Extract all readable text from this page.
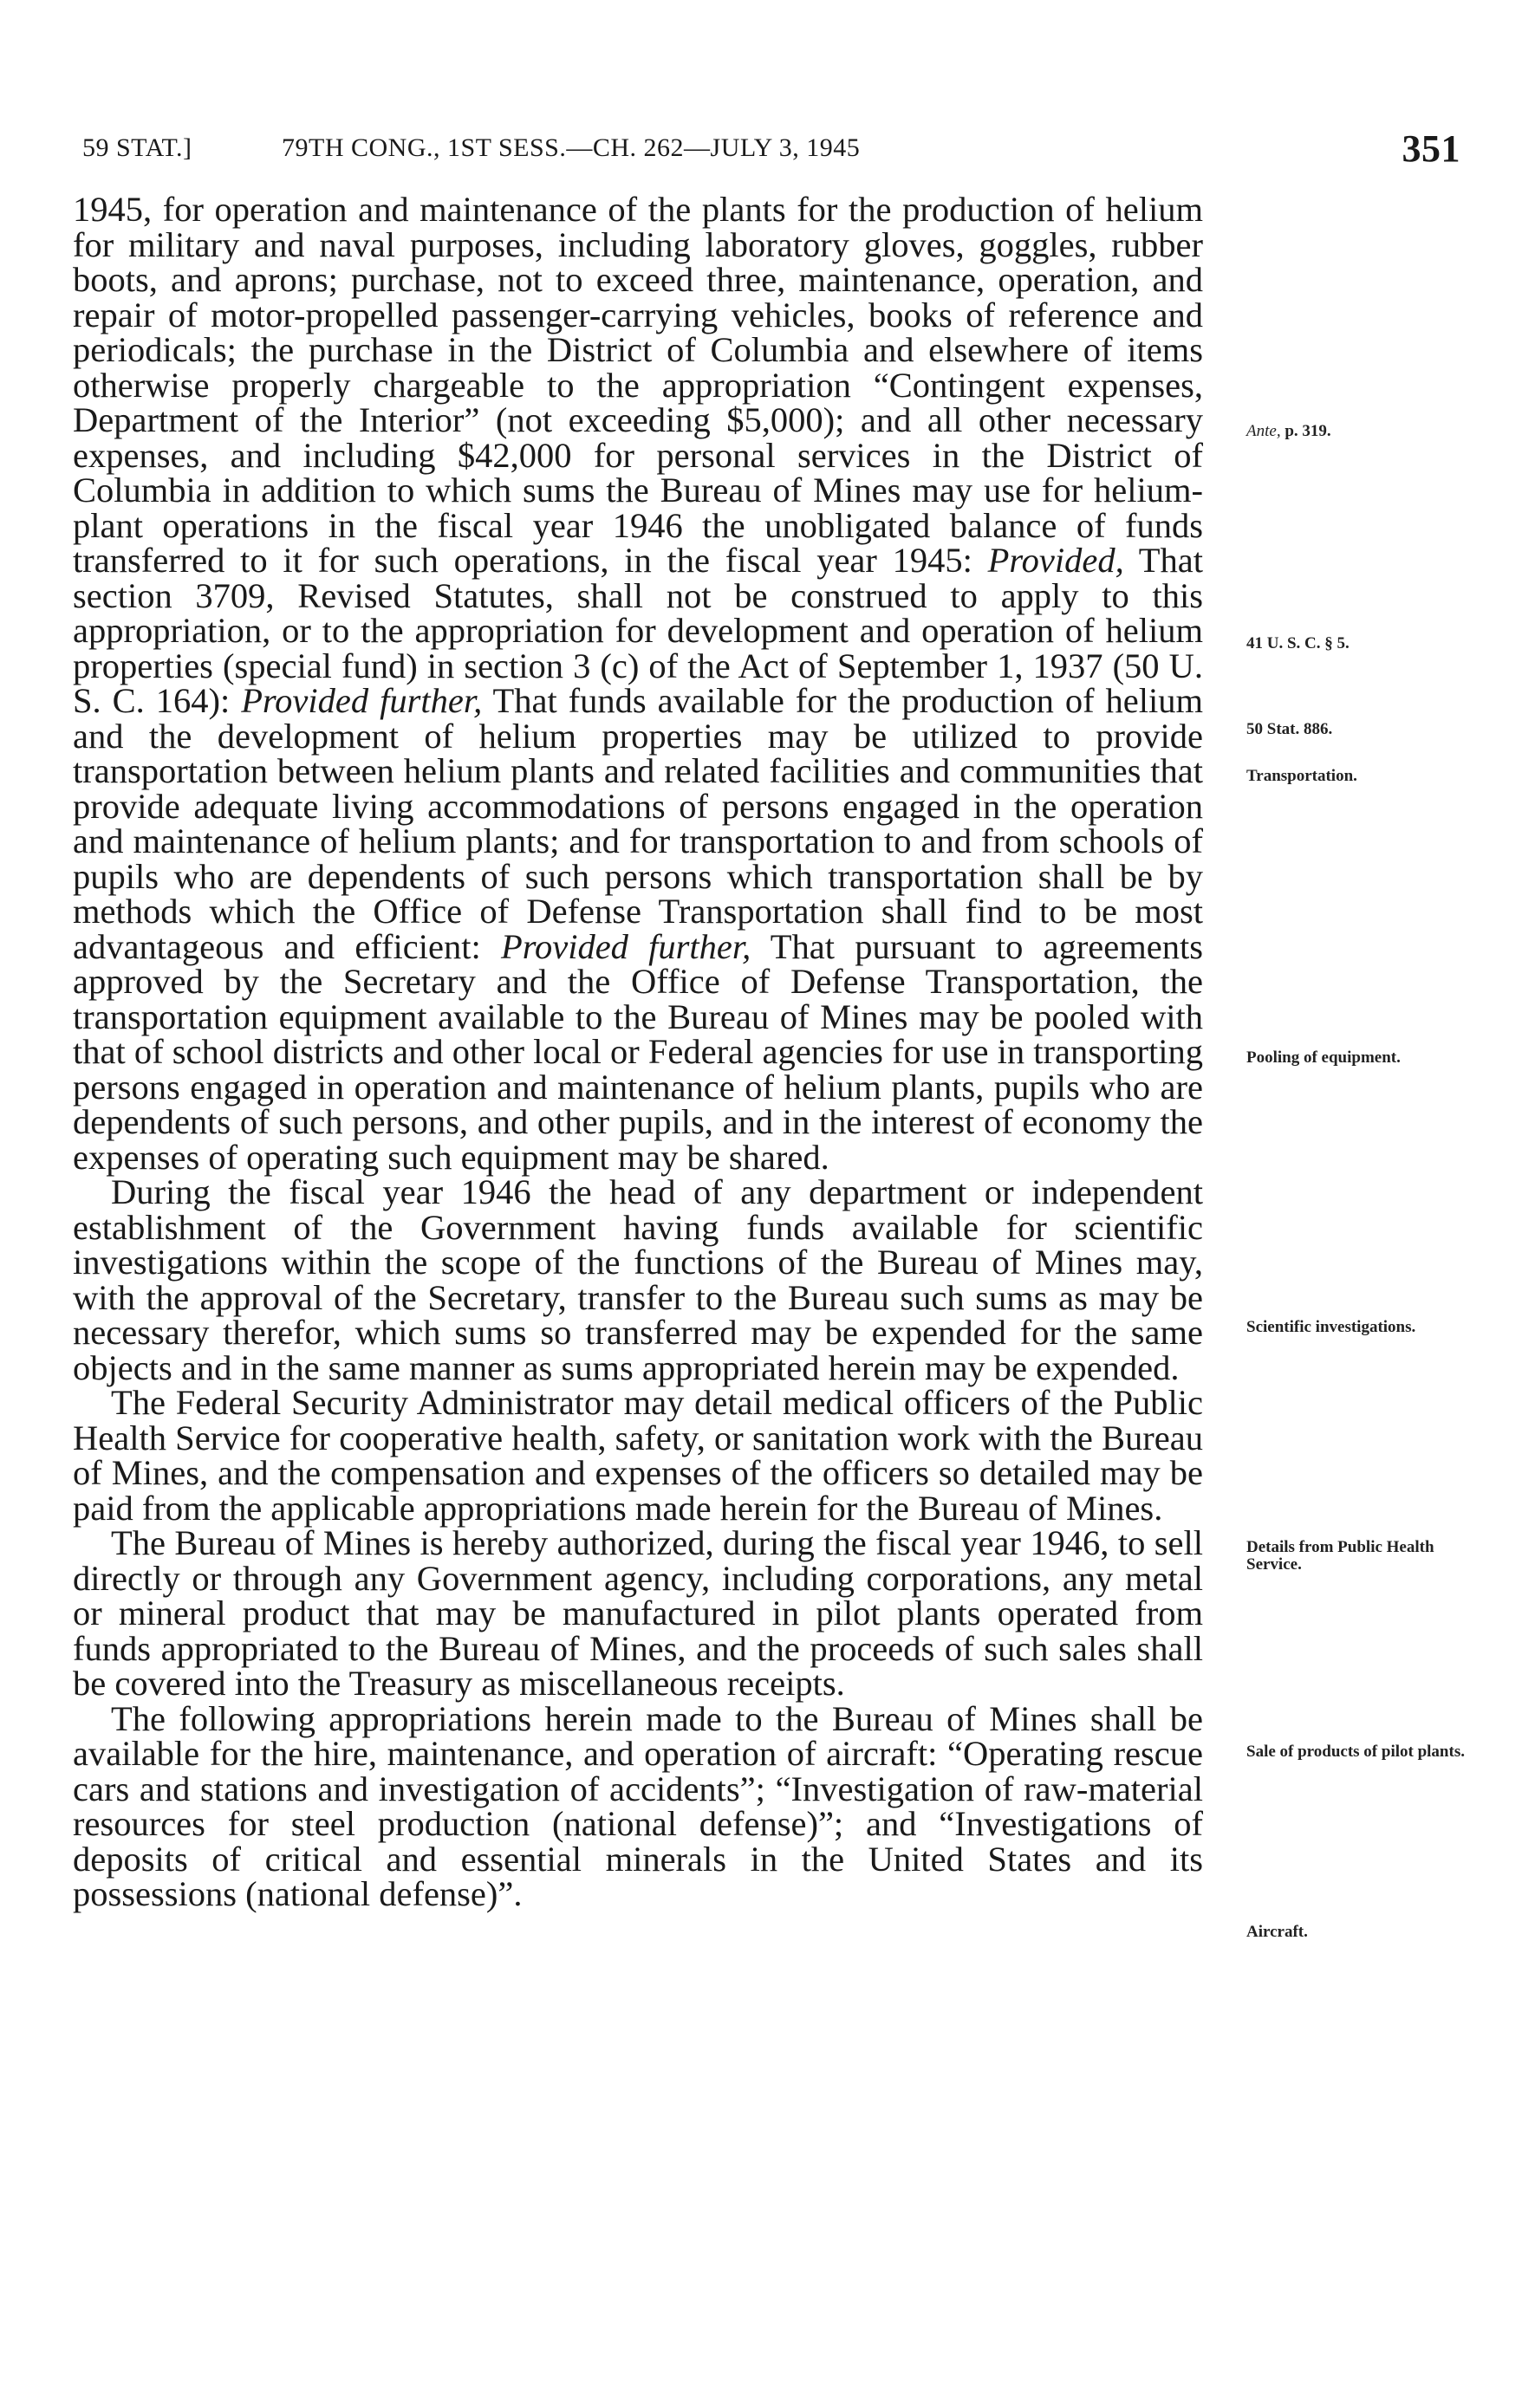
59 STAT.]	79TH CONG., 1ST SESS.—CH. 262—JULY 3, 1945	351

1945, for operation and maintenance of the plants for the production of helium for military and naval purposes, including laboratory gloves, goggles, rubber boots, and aprons; purchase, not to exceed three, maintenance, operation, and repair of motor-propelled passenger-carrying vehicles, books of reference and periodicals; the purchase in the District of Columbia and elsewhere of items otherwise properly chargeable to the appropriation “Contingent expenses, Department of the Interior” (not exceeding $5,000); and all other necessary expenses, and including $42,000 for personal services in the District of Columbia in addition to which sums the Bureau of Mines may use for helium-plant operations in the fiscal year 1946 the unobligated balance of funds transferred to it for such operations, in the fiscal year 1945: Provided, That section 3709, Revised Statutes, shall not be construed to apply to this appropriation, or to the appropriation for development and operation of helium properties (special fund) in section 3 (c) of the Act of September 1, 1937 (50 U. S. C. 164): Provided further, That funds available for the production of helium and the development of helium properties may be utilized to provide transportation between helium plants and related facilities and communities that provide adequate living accommodations of persons engaged in the operation and maintenance of helium plants; and for transportation to and from schools of pupils who are dependents of such persons which transportation shall be by methods which the Office of Defense Transportation shall find to be most advantageous and efficient: Provided further, That pursuant to agreements approved by the Secretary and the Office of Defense Transportation, the transportation equipment available to the Bureau of Mines may be pooled with that of school districts and other local or Federal agencies for use in transporting persons engaged in operation and maintenance of helium plants, pupils who are dependents of such persons, and other pupils, and in the interest of economy the expenses of operating such equipment may be shared.

During the fiscal year 1946 the head of any department or independent establishment of the Government having funds available for scientific investigations within the scope of the functions of the Bureau of Mines may, with the approval of the Secretary, transfer to the Bureau such sums as may be necessary therefor, which sums so transferred may be expended for the same objects and in the same manner as sums appropriated herein may be expended.

The Federal Security Administrator may detail medical officers of the Public Health Service for cooperative health, safety, or sanitation work with the Bureau of Mines, and the compensation and expenses of the officers so detailed may be paid from the applicable appropriations made herein for the Bureau of Mines.

The Bureau of Mines is hereby authorized, during the fiscal year 1946, to sell directly or through any Government agency, including corporations, any metal or mineral product that may be manufactured in pilot plants operated from funds appropriated to the Bureau of Mines, and the proceeds of such sales shall be covered into the Treasury as miscellaneous receipts.

The following appropriations herein made to the Bureau of Mines shall be available for the hire, maintenance, and operation of aircraft: “Operating rescue cars and stations and investigation of accidents”; “Investigation of raw-material resources for steel production (national defense)”; and “Investigations of deposits of critical and essential minerals in the United States and its possessions (national defense)”.

Ante, p. 319.
41 U. S. C. § 5.
50 Stat. 886.
Transportation.
Pooling of equipment.
Scientific investigations.
Details from Public Health Service.
Sale of products of pilot plants.
Aircraft.
